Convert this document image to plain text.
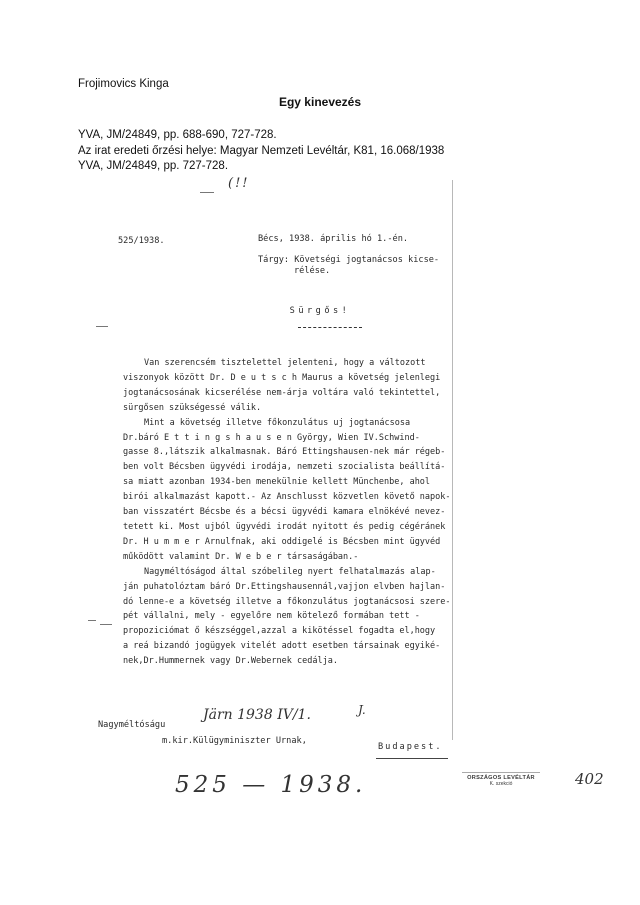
Frojimovics Kinga
Egy kinevezés
YVA, JM/24849, pp. 688-690, 727-728.
Az irat eredeti őrzési helye: Magyar Nemzeti Levéltár, K81, 16.068/1938
YVA, JM/24849, pp. 727-728.
(!!
525/1938.	Bécs, 1938. április hó 1.-én.
Tárgy: Követségi jogtanácsos kicse-
rélése.
Sürgős!
Van szerencsém tisztelettel jelenteni, hogy a változott
viszonyok között Dr. D e u t s c h Maurus a követség jelenlegi
jogtanácsosának kicserélése nem-árja voltára való tekintettel,
sürgősen szükségessé válik.
Mint a követség illetve főkonzulátus uj jogtanácsosa
Dr.báró E t t i n g s h a u s e n György, Wien IV.Schwind-
gasse 8.,látszik alkalmasnak. Báró Ettingshausen-nek már régeb-
ben volt Bécsben ügyvédi irodája, nemzeti szocialista beállítá-
sa miatt azonban 1934-ben menekülnie kellett Münchenbe, ahol
birói alkalmazást kapott.- Az Anschlusst közvetlen követő napok-
ban visszatért Bécsbe és a bécsi ügyvédi kamara elnökévé nevez-
tetett ki. Most ujból ügyvédi irodát nyitott és pedig cégéránek
Dr. H u m m e r Arnulfnak, aki oddigelé is Bécsben mint ügyvéd
működött valamint Dr. W e b e r társaságában.-
Nagyméltóságod által szóbelileg nyert felhatalmazás alap-
ján puhatolóztam báró Dr.Ettingshausennál,vajjon elvben hajlan-
dó lenne-e a követség illetve a főkonzulátus jogtanácsosi szere-
pét vállalni, mely - egyelőre nem kötelező formában tett -
propoziciómat ő készséggel,azzal a kikötéssel fogadta el,hogy
a reá bizandó jogügyek vitelét adott esetben társainak egyiké-
nek,Dr.Hummernek vagy Dr.Webernek cedálja.
J.
Järn 1938 IV/1.
Nagyméltóságu
m.kir.Külügyminiszter Urnak,
Budapest.
525 — 1938.	ORSZÁGOS LEVÉLTÁR
K. szekció	402
